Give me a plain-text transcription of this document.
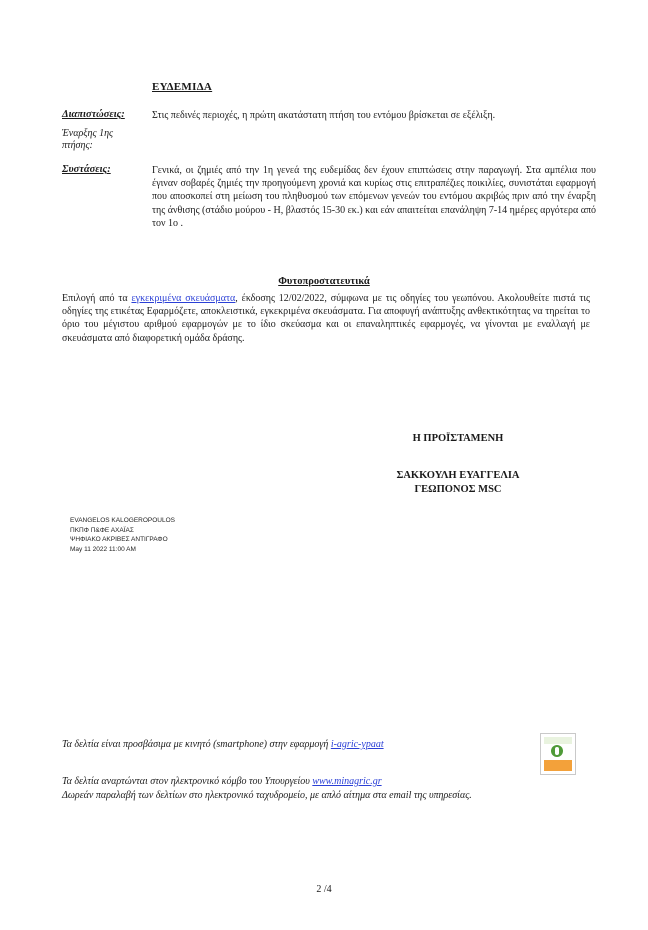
ΕΥΔΕΜΙΔΑ
Διαπιστώσεις:	Στις πεδινές περιοχές, η πρώτη ακατάστατη πτήση του εντόμου βρίσκεται σε εξέλιξη.
Έναρξης 1ης πτήσης:
Συστάσεις:	Γενικά, οι ζημιές από την 1η γενεά της ευδεμίδας δεν έχουν επιπτώσεις στην παραγωγή. Στα αμπέλια που έγιναν σοβαρές ζημιές την προηγούμενη χρονιά και κυρίως στις επιτραπέζιες ποικιλίες, συνιστάται εφαρμογή που αποσκοπεί στη μείωση του πληθυσμού των επόμενων γενεών του εντόμου ακριβώς πριν από την έναρξη της άνθισης (στάδιο μούρου - Η, βλαστός 15-30 εκ.) και εάν απαιτείται επανάληψη 7-14 ημέρες αργότερα από τον 1ο .
Φυτοπροστατευτικά
Επιλογή από τα εγκεκριμένα σκευάσματα, έκδοσης 12/02/2022, σύμφωνα με τις οδηγίες του γεωπόνου. Ακολουθείτε πιστά τις οδηγίες της ετικέτας Εφαρμόζετε, αποκλειστικά, εγκεκριμένα σκευάσματα. Για αποφυγή ανάπτυξης ανθεκτικότητας να τηρείται το όριο του μέγιστου αριθμού εφαρμογών με το ίδιο σκεύασμα και οι επαναληπτικές εφαρμογές, να γίνονται με εναλλαγή με σκευάσματα από διαφορετική ομάδα δράσης.
Η ΠΡΟΪΣΤΑΜΕΝΗ
ΣΑΚΚΟΥΛΗ ΕΥΑΓΓΕΛΙΑ
ΓΕΩΠΟΝΟΣ MSC
EVANGELOS KALOGEROPOULOS
ΠΚΠΦ Π&ΦΕ ΑΧΑΪΑΣ
ΨΗΦΙΑΚΟ ΑΚΡΙΒΕΣ ΑΝΤΙΓΡΑΦΟ
May 11 2022 11:00 AM
Τα δελτία είναι προσβάσιμα με κινητό (smartphone) στην εφαρμογή i-agric-ypaat
Τα δελτία αναρτώνται στον ηλεκτρονικό κόμβο του Υπουργείου www.minagric.gr
Δωρεάν παραλαβή των δελτίων στο ηλεκτρονικό ταχυδρομείο, με απλό αίτημα στα email της υπηρεσίας.
2 /4
